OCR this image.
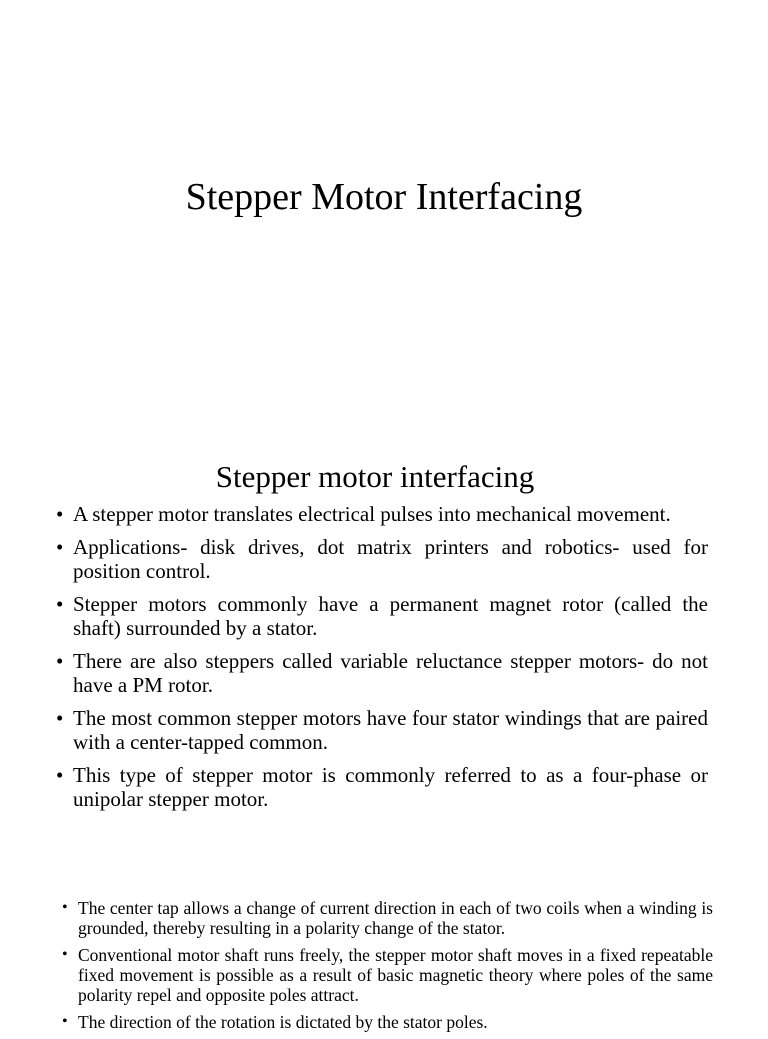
Stepper Motor Interfacing
Stepper motor interfacing
• A stepper motor translates electrical pulses into mechanical movement.
• Applications- disk drives, dot matrix printers and robotics- used for position control.
• Stepper motors commonly have a permanent magnet rotor (called the shaft) surrounded by a stator.
• There are also steppers called variable reluctance stepper motors- do not have a PM rotor.
• The most common stepper motors have four stator windings that are paired with a center-tapped common.
• This type of stepper motor is commonly referred to as a four-phase or unipolar stepper motor.
• The center tap allows a change of current direction in each of two coils when a winding is grounded, thereby resulting in a polarity change of the stator.
• Conventional motor shaft runs freely, the stepper motor shaft moves in a fixed repeatable fixed movement is possible as a result of basic magnetic theory where poles of the same polarity repel and opposite poles attract.
• The direction of the rotation is dictated by the stator poles.
